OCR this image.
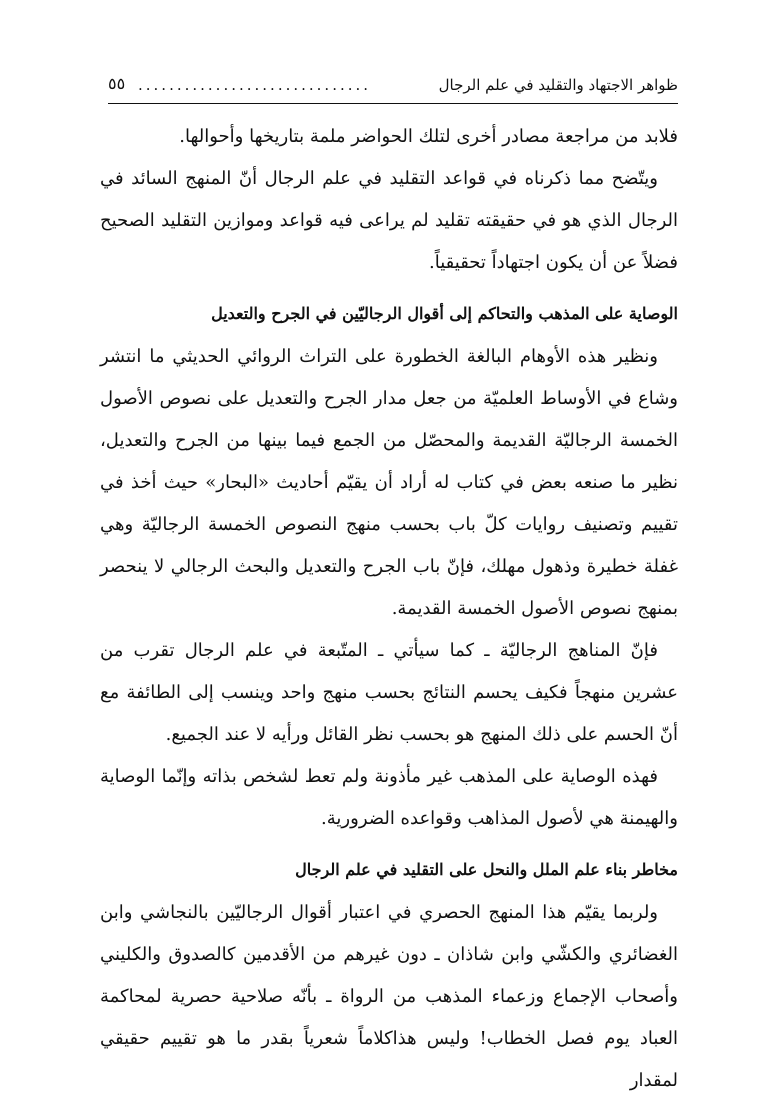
ظواهر الاجتهاد والتقليد في علم الرجال
..............................
٥٥

فلابد من مراجعة مصادر أخرى لتلك الحواضر ملمة بتاريخها وأحوالها.

ويتّضح مما ذكرناه في قواعد التقليد في علم الرجال أنّ المنهج السائد في الرجال الذي هو في حقيقته تقليد لم يراعى فيه قواعد وموازين التقليد الصحيح فضلاً عن أن يكون اجتهاداً تحقيقياً.

الوصاية على المذهب والتحاكم إلى أقوال الرجاليّين في الجرح والتعديل

ونظير هذه الأوهام البالغة الخطورة على التراث الروائي الحديثي ما انتشر وشاع في الأوساط العلميّة من جعل مدار الجرح والتعديل على نصوص الأصول الخمسة الرجاليّة القديمة والمحصّل من الجمع فيما بينها من الجرح والتعديل، نظير ما صنعه بعض في كتاب له أراد أن يقيّم أحاديث «البحار» حيث أخذ في تقييم وتصنيف روايات كلّ باب بحسب منهج النصوص الخمسة الرجاليّة وهي غفلة خطيرة وذهول مهلك، فإنّ باب الجرح والتعديل والبحث الرجالي لا ينحصر بمنهج نصوص الأصول الخمسة القديمة.

فإنّ المناهج الرجاليّة ـ كما سيأتي ـ المتّبعة في علم الرجال تقرب من عشرين منهجاً فكيف يحسم النتائج بحسب منهج واحد وينسب إلى الطائفة مع أنّ الحسم على ذلك المنهج هو بحسب نظر القائل ورأيه لا عند الجميع.

فهذه الوصاية على المذهب غير مأذونة ولم تعط لشخص بذاته وإنّما الوصاية والهيمنة هي لأصول المذاهب وقواعده الضرورية.

مخاطر بناء علم الملل والنحل على التقليد في علم الرجال

ولربما يقيّم هذا المنهج الحصري في اعتبار أقوال الرجاليّين بالنجاشي وابن الغضائري والكشّي وابن شاذان ـ دون غيرهم من الأقدمين كالصدوق والكليني وأصحاب الإجماع وزعماء المذهب من الرواة ـ بأنّه صلاحية حصرية لمحاكمة العباد يوم فصل الخطاب! وليس هذاكلاماً شعرياً بقدر ما هو تقييم حقيقي لمقدار
